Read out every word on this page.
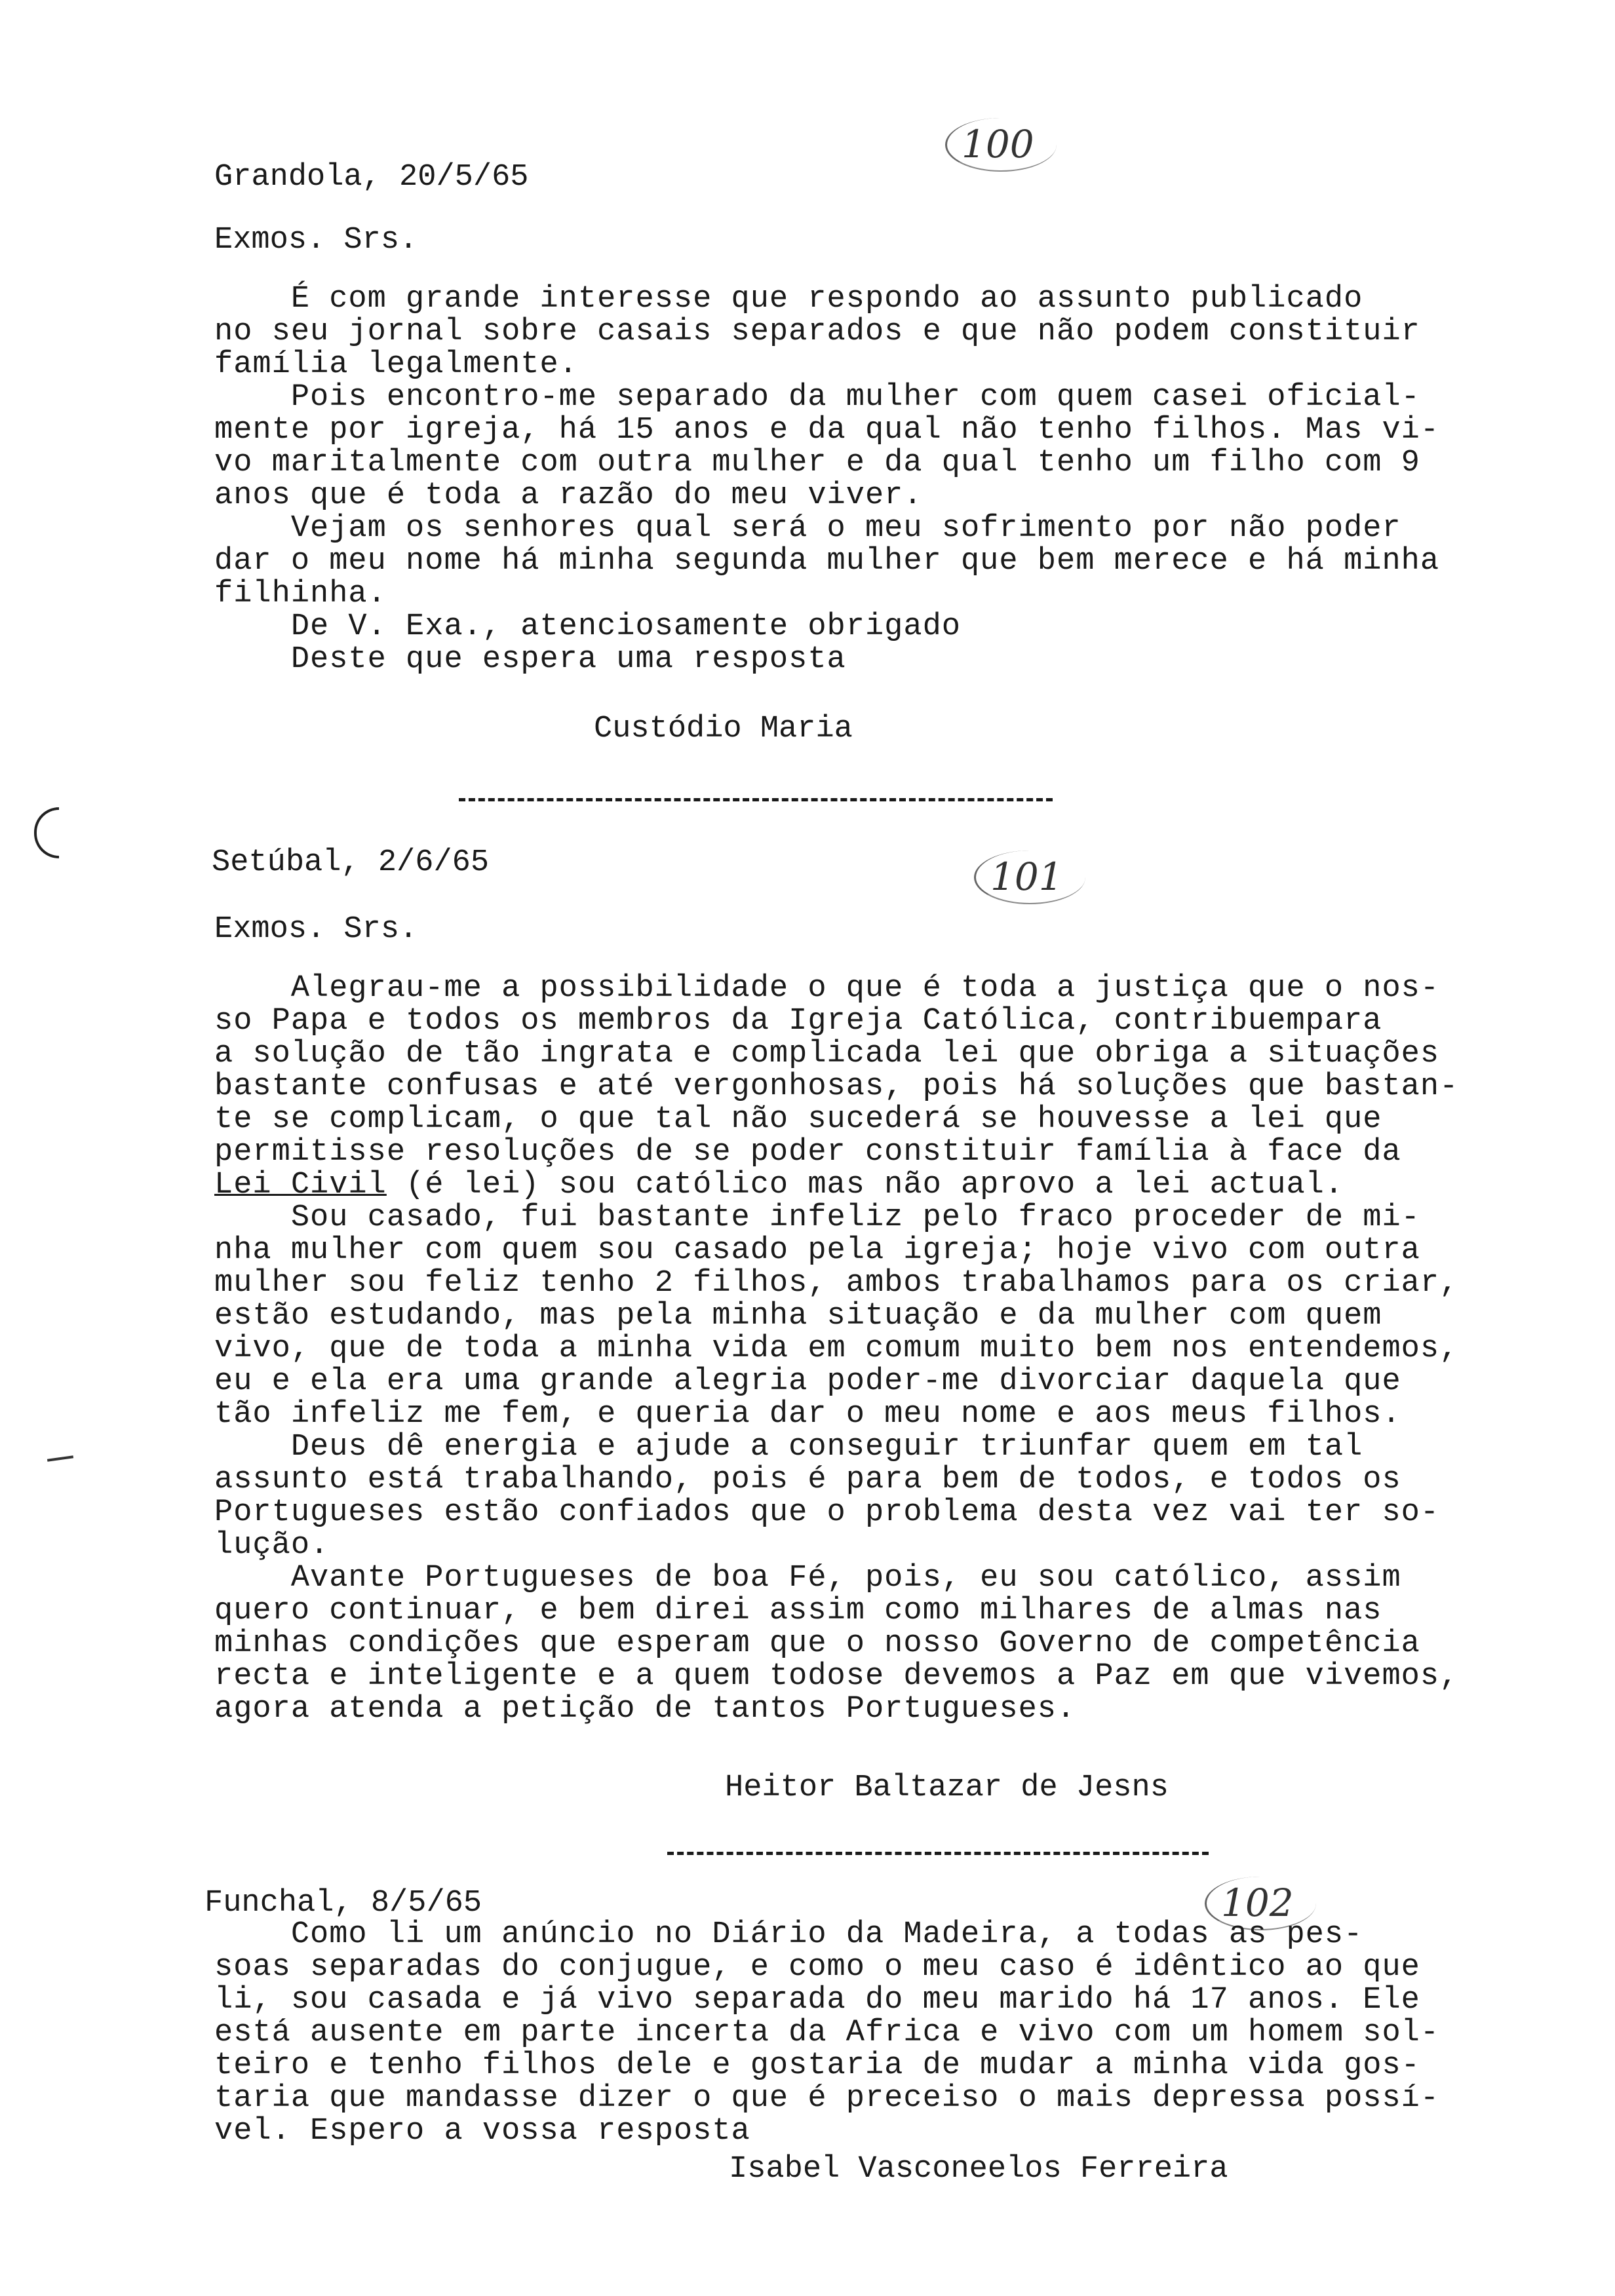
Grandola, 20/5/65
100
Exmos. Srs.
É com grande interesse que respondo ao assunto publicado
no seu jornal sobre casais separados e que não podem constituir
família legalmente.
Pois encontro-me separado da mulher com quem casei oficial-
mente por igreja, há 15 anos e da qual não tenho filhos. Mas vi-
vo maritalmente com outra mulher e da qual tenho um filho com 9
anos que é toda a razão do meu viver.
Vejam os senhores qual será o meu sofrimento por não poder
dar o meu nome há minha segunda mulher que bem merece e há minha
filhinha.
De V. Exa., atenciosamente obrigado
Deste que espera uma resposta
Custódio Maria
Setúbal, 2/6/65	101
Exmos. Srs.
Alegrau-me a possibilidade o que é toda a justiça que o nos-
so Papa e todos os membros da Igreja Católica, contribuempara
a solução de tão ingrata e complicada lei que obriga a situações
bastante confusas e até vergonhosas, pois há soluções que bastan-
te se complicam, o que tal não sucederá se houvesse a lei que
permitisse resoluções de se poder constituir família à face da
Lei Civil (é lei) sou católico mas não aprovo a lei actual.
Sou casado, fui bastante infeliz pelo fraco proceder de mi-
nha mulher com quem sou casado pela igreja; hoje vivo com outra
mulher sou feliz tenho 2 filhos, ambos trabalhamos para os criar,
estão estudando, mas pela minha situação e da mulher com quem
vivo, que de toda a minha vida em comum muito bem nos entendemos,
eu e ela era uma grande alegria poder-me divorciar daquela que
tão infeliz me fem, e queria dar o meu nome e aos meus filhos.
Deus dê energia e ajude a conseguir triunfar quem em tal
assunto está trabalhando, pois é para bem de todos, e todos os
Portugueses estão confiados que o problema desta vez vai ter so-
lução.
Avante Portugueses de boa Fé, pois, eu sou católico, assim
quero continuar, e bem direi assim como milhares de almas nas
minhas condições que esperam que o nosso Governo de competência
recta e inteligente e a quem todose devemos a Paz em que vivemos,
agora atenda a petição de tantos Portugueses.
Heitor Baltazar de Jesns
Funchal, 8/5/65	102
Como li um anúncio no Diário da Madeira, a todas as pes-
soas separadas do conjugue, e como o meu caso é idêntico ao que
li, sou casada e já vivo separada do meu marido há 17 anos. Ele
está ausente em parte incerta da Africa e vivo com um homem sol-
teiro e tenho filhos dele e gostaria de mudar a minha vida gos-
taria que mandasse dizer o que é preceiso o mais depressa possí-
vel. Espero a vossa resposta
Isabel Vasconeelos Ferreira
